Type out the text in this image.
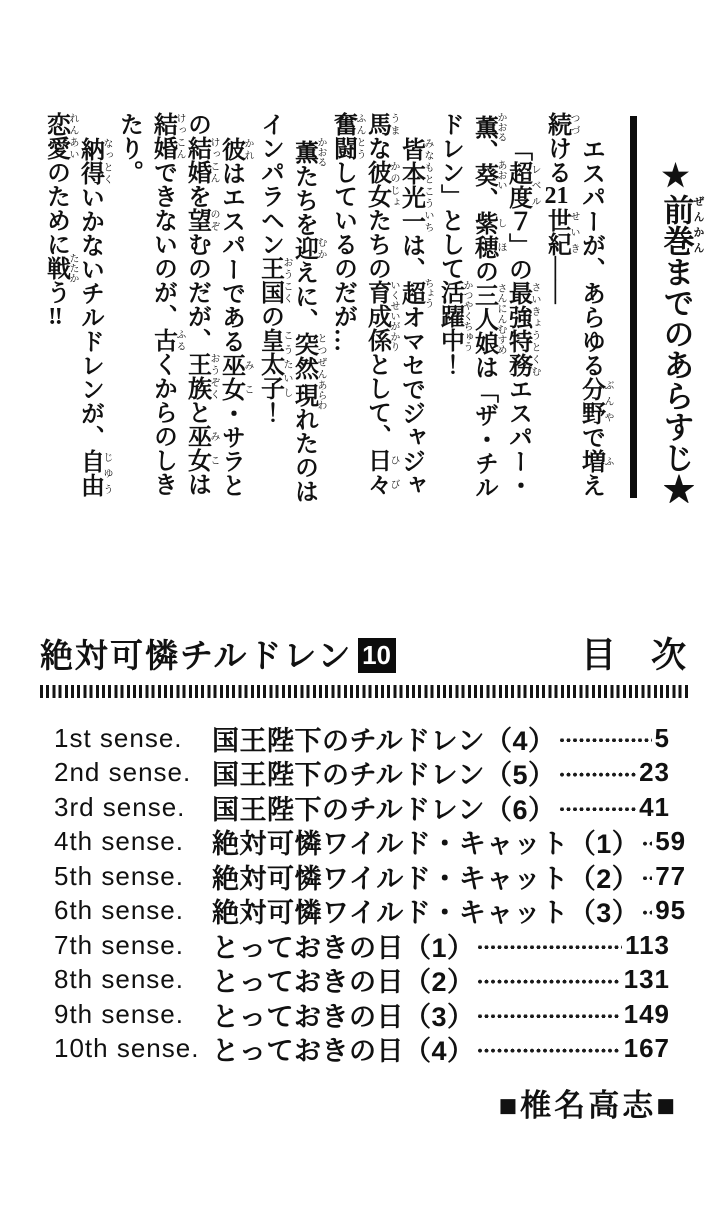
★前巻ぜんかんまでのあらすじ★

エスパーが、あらゆる分野ぶんやで増ふえ続つづける21世紀せいき——

「超度レベル７」の最強特務さいきょうとくむエスパー・薫かおる、葵あおい、紫穂しほの三人娘さんにんむすめは「ザ・チルドレン」として活躍中かつやくちゅう！

皆本光一みなもとこういちは、超ちょうオマセでジャジャ馬うまな彼女かのじょたちの育成係いくせいがかりとして、日々ひび奮闘ふんとうしているのだが…

薫かおるたちを迎むかえに、突然とつぜん現あらわれたのはインパラヘン王国おうこくの皇太子こうたいし！

彼かれはエスパーである巫女みこ・サラとの結婚けっこんを望のぞむのだが、王族おうぞくと巫女みこは結婚けっこんできないのが、古ふるくからのしきたり。

納得なっとくいかないチルドレンが、自由じゆう恋愛れんあいのために戦たたかう‼

絶対可憐チルドレン 10	目　次
1st sense.	国王陛下のチルドレン（4）	5
2nd sense. 国王陛下のチルドレン（5）	23
3rd sense. 国王陛下のチルドレン（6）	41
4th sense.	絶対可憐ワイルド・キャット（1） 59
5th sense.	絶対可憐ワイルド・キャット（2） 77
6th sense.	絶対可憐ワイルド・キャット（3） 95
7th sense.	とっておきの日（1）	113
8th sense.	とっておきの日（2）	131
9th sense.	とっておきの日（3）	149
10th sense. とっておきの日（4）	167
■椎名高志■
